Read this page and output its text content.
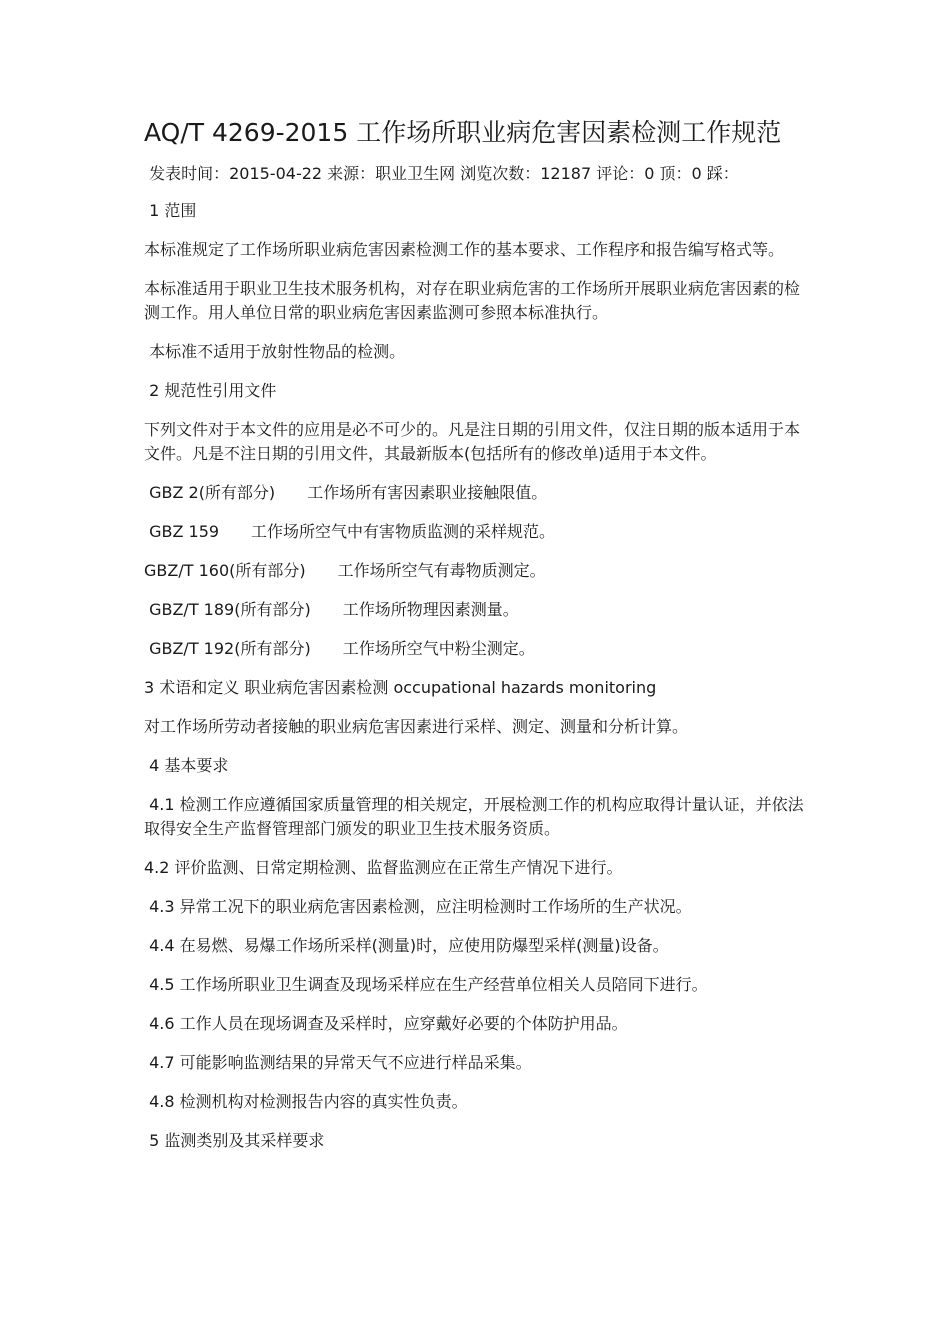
AQ/T 4269-2015 工作场所职业病危害因素检测工作规范
发表时间：2015-04-22 来源：职业卫生网 浏览次数：12187 评论：0 顶：0 踩：

1 范围

本标准规定了工作场所职业病危害因素检测工作的基本要求、工作程序和报告编写格式等。

本标准适用于职业卫生技术服务机构，对存在职业病危害的工作场所开展职业病危害因素的检测工作。用人单位日常的职业病危害因素监测可参照本标准执行。

本标准不适用于放射性物品的检测。

2 规范性引用文件

下列文件对于本文件的应用是必不可少的。凡是注日期的引用文件，仅注日期的版本适用于本文件。凡是不注日期的引用文件，其最新版本(包括所有的修改单)适用于本文件。

GBZ 2(所有部分) 工作场所有害因素职业接触限值。

GBZ 159 工作场所空气中有害物质监测的采样规范。

GBZ/T 160(所有部分) 工作场所空气有毒物质测定。

GBZ/T 189(所有部分) 工作场所物理因素测量。

GBZ/T 192(所有部分) 工作场所空气中粉尘测定。

3 术语和定义 职业病危害因素检测 occupational hazards monitoring

对工作场所劳动者接触的职业病危害因素进行采样、测定、测量和分析计算。

4 基本要求

4.1 检测工作应遵循国家质量管理的相关规定，开展检测工作的机构应取得计量认证，并依法取得安全生产监督管理部门颁发的职业卫生技术服务资质。

4.2 评价监测、日常定期检测、监督监测应在正常生产情况下进行。

4.3 异常工况下的职业病危害因素检测，应注明检测时工作场所的生产状况。

4.4 在易燃、易爆工作场所采样(测量)时，应使用防爆型采样(测量)设备。

4.5 工作场所职业卫生调查及现场采样应在生产经营单位相关人员陪同下进行。

4.6 工作人员在现场调查及采样时，应穿戴好必要的个体防护用品。

4.7 可能影响监测结果的异常天气不应进行样品采集。

4.8 检测机构对检测报告内容的真实性负责。

5 监测类别及其采样要求
